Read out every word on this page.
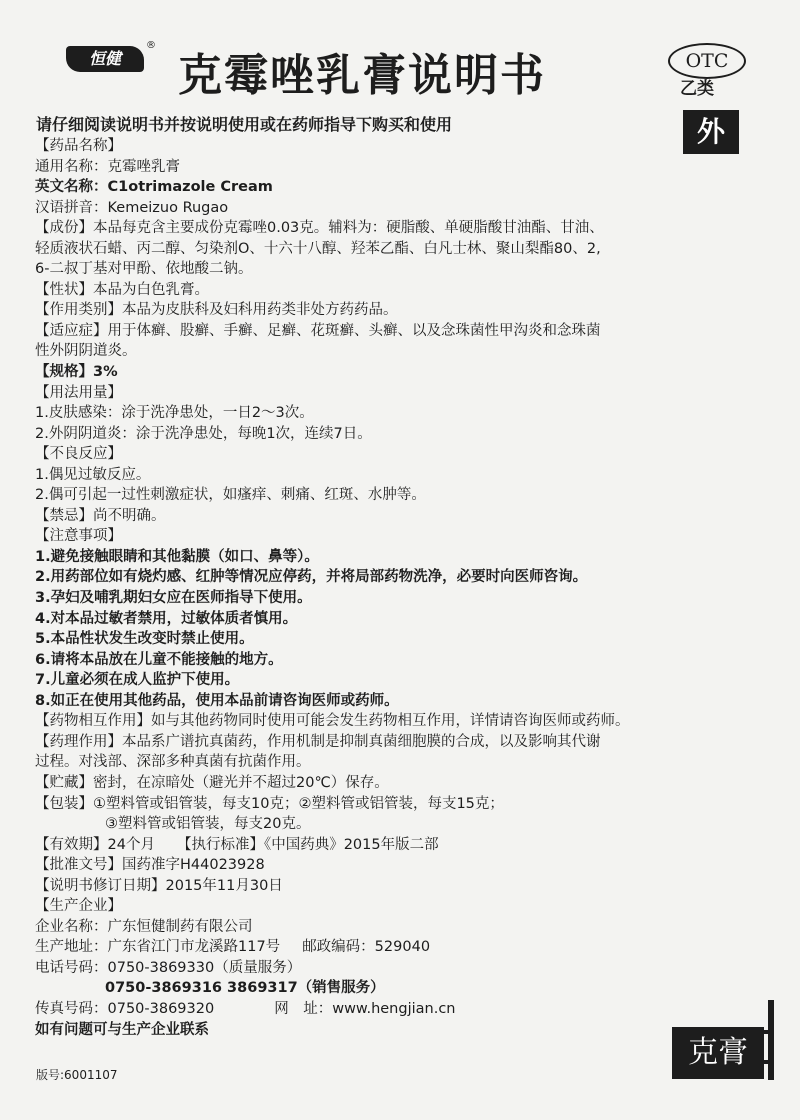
恒健
®
克霉唑乳膏说明书	OTC
乙类
外
请仔细阅读说明书并按说明使用或在药师指导下购买和使用
【药品名称】
通用名称：克霉唑乳膏
英文名称：C1otrimazole Cream
汉语拼音：Kemeizuo Rugao
【成份】本品每克含主要成份克霉唑0.03克。辅料为：硬脂酸、单硬脂酸甘油酯、甘油、
轻质液状石蜡、丙二醇、匀染剂O、十六十八醇、羟苯乙酯、白凡士林、聚山梨酯80、2,
6-二叔丁基对甲酚、依地酸二钠。
【性状】本品为白色乳膏。
【作用类别】本品为皮肤科及妇科用药类非处方药药品。
【适应症】用于体癣、股癣、手癣、足癣、花斑癣、头癣、以及念珠菌性甲沟炎和念珠菌
性外阴阴道炎。
【规格】3%
【用法用量】
1.皮肤感染：涂于洗净患处，一日2～3次。
2.外阴阴道炎：涂于洗净患处，每晚1次，连续7日。
【不良反应】
1.偶见过敏反应。
2.偶可引起一过性刺激症状，如瘙痒、刺痛、红斑、水肿等。
【禁忌】尚不明确。
【注意事项】
1.避免接触眼睛和其他黏膜（如口、鼻等）。
2.用药部位如有烧灼感、红肿等情况应停药，并将局部药物洗净，必要时向医师咨询。
3.孕妇及哺乳期妇女应在医师指导下使用。
4.对本品过敏者禁用，过敏体质者慎用。
5.本品性状发生改变时禁止使用。
6.请将本品放在儿童不能接触的地方。
7.儿童必须在成人监护下使用。
8.如正在使用其他药品，使用本品前请咨询医师或药师。
【药物相互作用】如与其他药物同时使用可能会发生药物相互作用，详情请咨询医师或药师。
【药理作用】本品系广谱抗真菌药，作用机制是抑制真菌细胞膜的合成，以及影响其代谢
过程。对浅部、深部多种真菌有抗菌作用。
【贮藏】密封，在凉暗处（避光并不超过20℃）保存。
【包装】①塑料管或铝管装，每支10克；②塑料管或铝管装，每支15克；
③塑料管或铝管装，每支20克。
【有效期】24个月 【执行标准】《中国药典》2015年版二部
【批准文号】国药准字H44023928
【说明书修订日期】2015年11月30日
【生产企业】
企业名称：广东恒健制药有限公司
生产地址：广东省江门市龙溪路117号 邮政编码：529040
电话号码：0750-3869330（质量服务）
0750-3869316 3869317（销售服务）
传真号码：0750-3869320	网　址：www.hengjian.cn
如有问题可与生产企业联系
克膏
版号:6001107
